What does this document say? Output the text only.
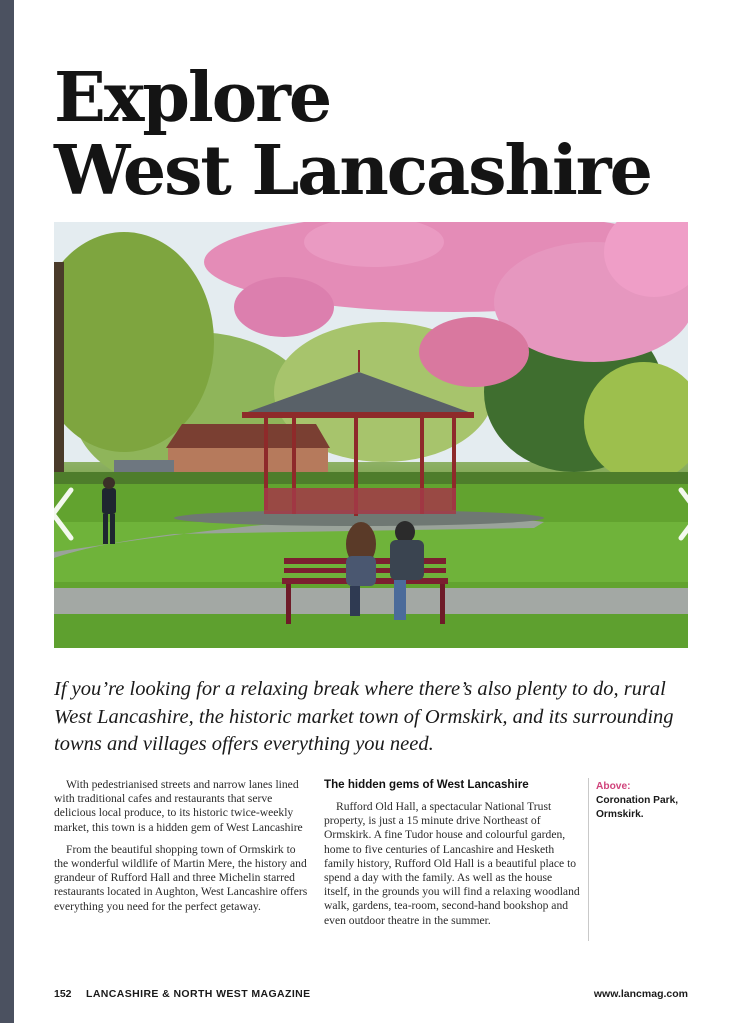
Explore
West Lancashire

If you’re looking for a relaxing break where there’s also plenty to do, rural West Lancashire, the historic market town of Ormskirk, and its surrounding towns and villages offers everything you need.

With pedestrianised streets and narrow lanes lined with traditional cafes and restaurants that serve delicious local produce, to its historic twice-weekly market, this town is a hidden gem of West Lancashire

From the beautiful shopping town of Ormskirk to the wonderful wildlife of Martin Mere, the history and grandeur of Rufford Hall and three Michelin starred restaurants located in Aughton, West Lancashire offers everything you need for the perfect getaway.

The hidden gems of West Lancashire

Rufford Old Hall, a spectacular National Trust property, is just a 15 minute drive Northeast of Ormskirk. A fine Tudor house and colourful garden, home to five centuries of Lancashire and Hesketh family history, Rufford Old Hall is a beautiful place to spend a day with the family. As well as the house itself, in the grounds you will find a relaxing woodland walk, gardens, tea-room, second-hand bookshop and even outdoor theatre in the summer.

Above:
Coronation Park, Ormskirk.
152 LANCASHIRE & NORTH WEST MAGAZINE	www.lancmag.com
